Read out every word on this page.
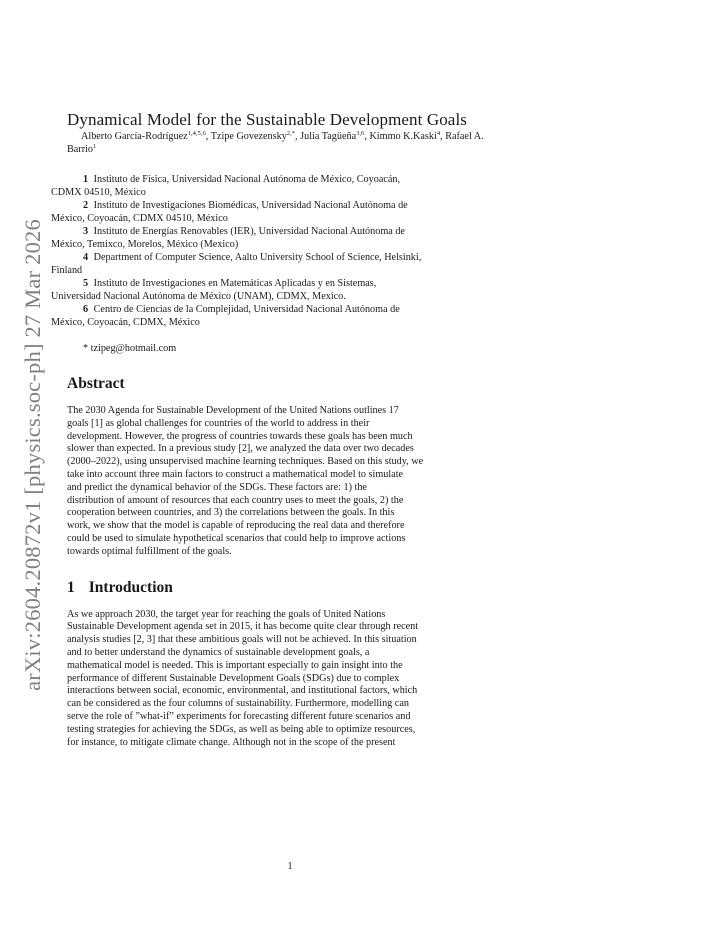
arXiv:2604.20872v1 [physics.soc-ph] 27 Mar 2026
Dynamical Model for the Sustainable Development Goals

Alberto García-Rodríguez$^{1,4,5,6}$, Tzipe Govezensky$^{2,*}$, Julia Tagüeña$^{3,6}$, Kimmo K.Kaski$^4$, Rafael A. Barrio$^1$

1 Instituto de Física, Universidad Nacional Autónoma de México, Coyoacán,
CDMX 04510, México

2 Instituto de Investigaciones Biomédicas, Universidad Nacional Autónoma de
México, Coyoacán, CDMX 04510, México

3 Instituto de Energías Renovables (IER), Universidad Nacional Autónoma de
México, Temixco, Morelos, México (Mexico)

4 Department of Computer Science, Aalto University School of Science, Helsinki,
Finland

5 Instituto de Investigaciones en Matemáticas Aplicadas y en Sistemas,
Universidad Nacional Autónoma de México (UNAM), CDMX, Mexico.

6 Centro de Ciencias de la Complejidad, Universidad Nacional Autónoma de
México, Coyoacán, CDMX, México

* tzipeg@hotmail.com

Abstract
The 2030 Agenda for Sustainable Development of the United Nations outlines 17
goals [1] as global challenges for countries of the world to address in their
development. However, the progress of countries towards these goals has been much
slower than expected. In a previous study [2], we analyzed the data over two decades
(2000–2022), using unsupervised machine learning techniques. Based on this study, we
take into account three main factors to construct a mathematical model to simulate
and predict the dynamical behavior of the SDGs. These factors are: 1) the
distribution of amount of resources that each country uses to meet the goals, 2) the
cooperation between countries, and 3) the correlations between the goals. In this
work, we show that the model is capable of reproducing the real data and therefore
could be used to simulate hypothetical scenarios that could help to improve actions
towards optimal fulfillment of the goals.
1 Introduction
As we approach 2030, the target year for reaching the goals of United Nations
Sustainable Development agenda set in 2015, it has become quite clear through recent
analysis studies [2, 3] that these ambitious goals will not be achieved. In this situation
and to better understand the dynamics of sustainable development goals, a
mathematical model is needed. This is important especially to gain insight into the
performance of different Sustainable Development Goals (SDGs) due to complex
interactions between social, economic, environmental, and institutional factors, which
can be considered as the four columns of sustainability. Furthermore, modelling can
serve the role of ”what-if” experiments for forecasting different future scenarios and
testing strategies for achieving the SDGs, as well as being able to optimize resources,
for instance, to mitigate climate change. Although not in the scope of the present
1
